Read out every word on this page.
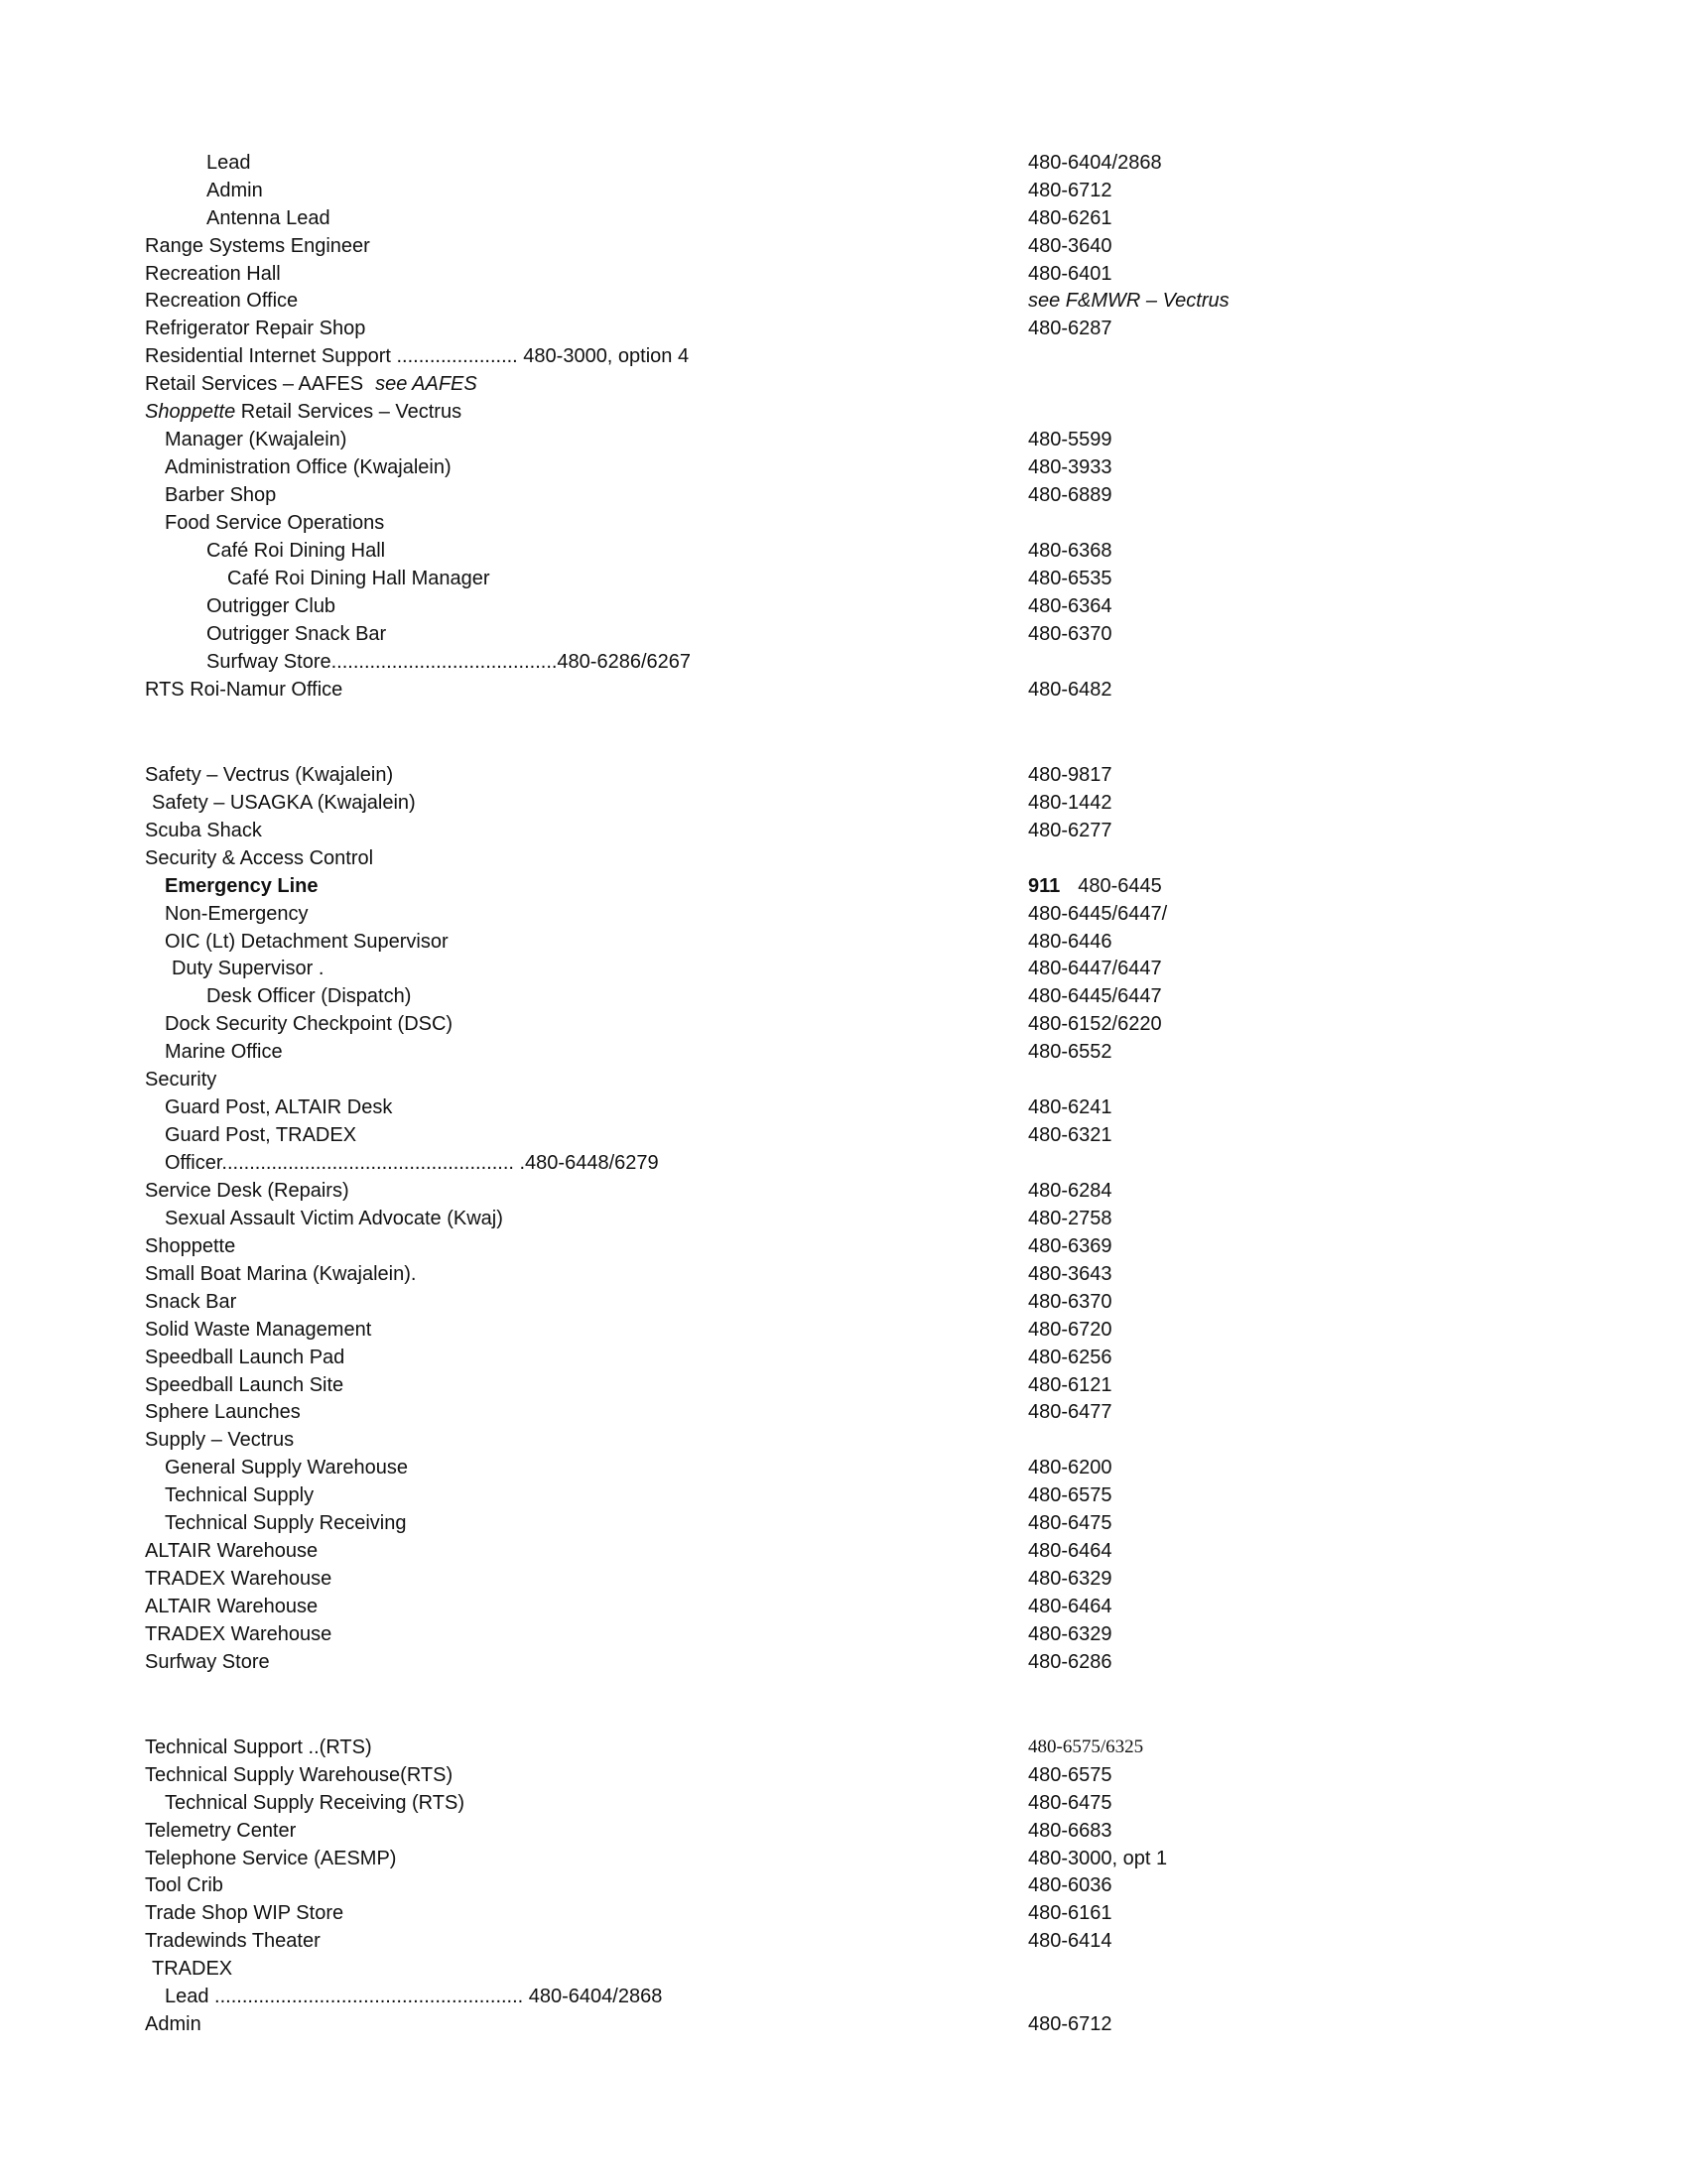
Lead	480-6404/2868
Admin	480-6712
Antenna Lead	480-6261
Range Systems Engineer	480-3640
Recreation Hall	480-6401
Recreation Office	see F&MWR – Vectrus
Refrigerator Repair Shop	480-6287
Residential Internet Support ...................... 480-3000, option 4
Retail Services – AAFES see AAFES
Shoppette Retail Services – Vectrus
Manager (Kwajalein)	480-5599
Administration Office (Kwajalein)	480-3933
Barber Shop	480-6889
Food Service Operations
Café Roi Dining Hall	480-6368
Café Roi Dining Hall Manager	480-6535
Outrigger Club	480-6364
Outrigger Snack Bar	480-6370
Surfway Store.........................................480-6286/6267
RTS Roi-Namur Office	480-6482
Safety – Vectrus (Kwajalein)	480-9817
Safety – USAGKA (Kwajalein)	480-1442
Scuba Shack	480-6277
Security & Access Control
Emergency Line	911 480-6445
Non-Emergency	480-6445/6447/
OIC (Lt) Detachment Supervisor	480-6446
Duty Supervisor .	480-6447/6447
Desk Officer (Dispatch)	480-6445/6447
Dock Security Checkpoint (DSC)	480-6152/6220
Marine Office	480-6552
Security
Guard Post, ALTAIR Desk	480-6241
Guard Post, TRADEX	480-6321
Officer..................................................... .480-6448/6279
Service Desk (Repairs)	480-6284
Sexual Assault Victim Advocate (Kwaj)	480-2758
Shoppette	480-6369
Small Boat Marina (Kwajalein).	480-3643
Snack Bar	480-6370
Solid Waste Management	480-6720
Speedball Launch Pad	480-6256
Speedball Launch Site	480-6121
Sphere Launches	480-6477
Supply – Vectrus
General Supply Warehouse	480-6200
Technical Supply	480-6575
Technical Supply Receiving	480-6475
ALTAIR Warehouse	480-6464
TRADEX Warehouse	480-6329
ALTAIR Warehouse	480-6464
TRADEX Warehouse	480-6329
Surfway Store	480-6286
Technical Support ..(RTS)	480-6575/6325
Technical Supply Warehouse(RTS)	480-6575
Technical Supply Receiving (RTS)	480-6475
Telemetry Center	480-6683
Telephone Service (AESMP)	480-3000, opt 1
Tool Crib	480-6036
Trade Shop WIP Store	480-6161
Tradewinds Theater	480-6414
TRADEX
Lead ........................................................ 480-6404/2868
Admin	480-6712
